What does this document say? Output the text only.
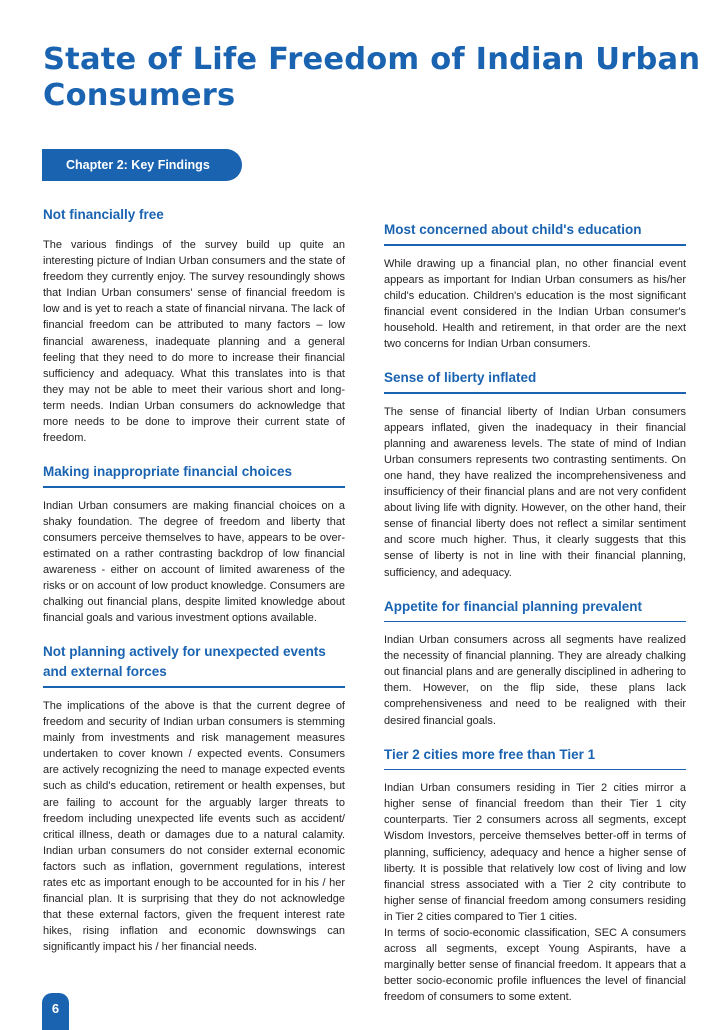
State of Life Freedom of Indian Urban Consumers
Chapter 2: Key Findings
Not financially free

The various findings of the survey build up quite an interesting picture of Indian Urban consumers and the state of freedom they currently enjoy. The survey resoundingly shows that Indian Urban consumers' sense of financial freedom is low and is yet to reach a state of financial nirvana. The lack of financial freedom can be attributed to many factors – low financial awareness, inadequate planning and a general feeling that they need to do more to increase their financial sufficiency and adequacy. What this translates into is that they may not be able to meet their various short and long-term needs. Indian Urban consumers do acknowledge that more needs to be done to improve their current state of freedom.

Making inappropriate financial choices

Indian Urban consumers are making financial choices on a shaky foundation. The degree of freedom and liberty that consumers perceive themselves to have, appears to be over-estimated on a rather contrasting backdrop of low financial awareness - either on account of limited awareness of the risks or on account of low product knowledge. Consumers are chalking out financial plans, despite limited knowledge about financial goals and various investment options available.

Not planning actively for unexpected events and external forces

The implications of the above is that the current degree of freedom and security of Indian urban consumers is stemming mainly from investments and risk management measures undertaken to cover known / expected events. Consumers are actively recognizing the need to manage expected events such as child's education, retirement or health expenses, but are failing to account for the arguably larger threats to freedom including unexpected life events such as accident/ critical illness, death or damages due to a natural calamity. Indian urban consumers do not consider external economic factors such as inflation, government regulations, interest rates etc as important enough to be accounted for in his / her financial plan. It is surprising that they do not acknowledge that these external factors, given the frequent interest rate hikes, rising inflation and economic downswings can significantly impact his / her financial needs.

Most concerned about child's education

While drawing up a financial plan, no other financial event appears as important for Indian Urban consumers as his/her child's education. Children's education is the most significant financial event considered in the Indian Urban consumer's household. Health and retirement, in that order are the next two concerns for Indian Urban consumers.

Sense of liberty inflated

The sense of financial liberty of Indian Urban consumers appears inflated, given the inadequacy in their financial planning and awareness levels. The state of mind of Indian Urban consumers represents two contrasting sentiments. On one hand, they have realized the incomprehensiveness and insufficiency of their financial plans and are not very confident about living life with dignity. However, on the other hand, their sense of financial liberty does not reflect a similar sentiment and score much higher. Thus, it clearly suggests that this sense of liberty is not in line with their financial planning, sufficiency, and adequacy.

Appetite for financial planning prevalent

Indian Urban consumers across all segments have realized the necessity of financial planning. They are already chalking out financial plans and are generally disciplined in adhering to them. However, on the flip side, these plans lack comprehensiveness and need to be realigned with their desired financial goals.

Tier 2 cities more free than Tier 1

Indian Urban consumers residing in Tier 2 cities mirror a higher sense of financial freedom than their Tier 1 city counterparts. Tier 2 consumers across all segments, except Wisdom Investors, perceive themselves better-off in terms of planning, sufficiency, adequacy and hence a higher sense of liberty. It is possible that relatively low cost of living and low financial stress associated with a Tier 2 city contribute to higher sense of financial freedom among consumers residing in Tier 2 cities compared to Tier 1 cities.

In terms of socio-economic classification, SEC A consumers across all segments, except Young Aspirants, have a marginally better sense of financial freedom. It appears that a better socio-economic profile influences the level of financial freedom of consumers to some extent.

6
